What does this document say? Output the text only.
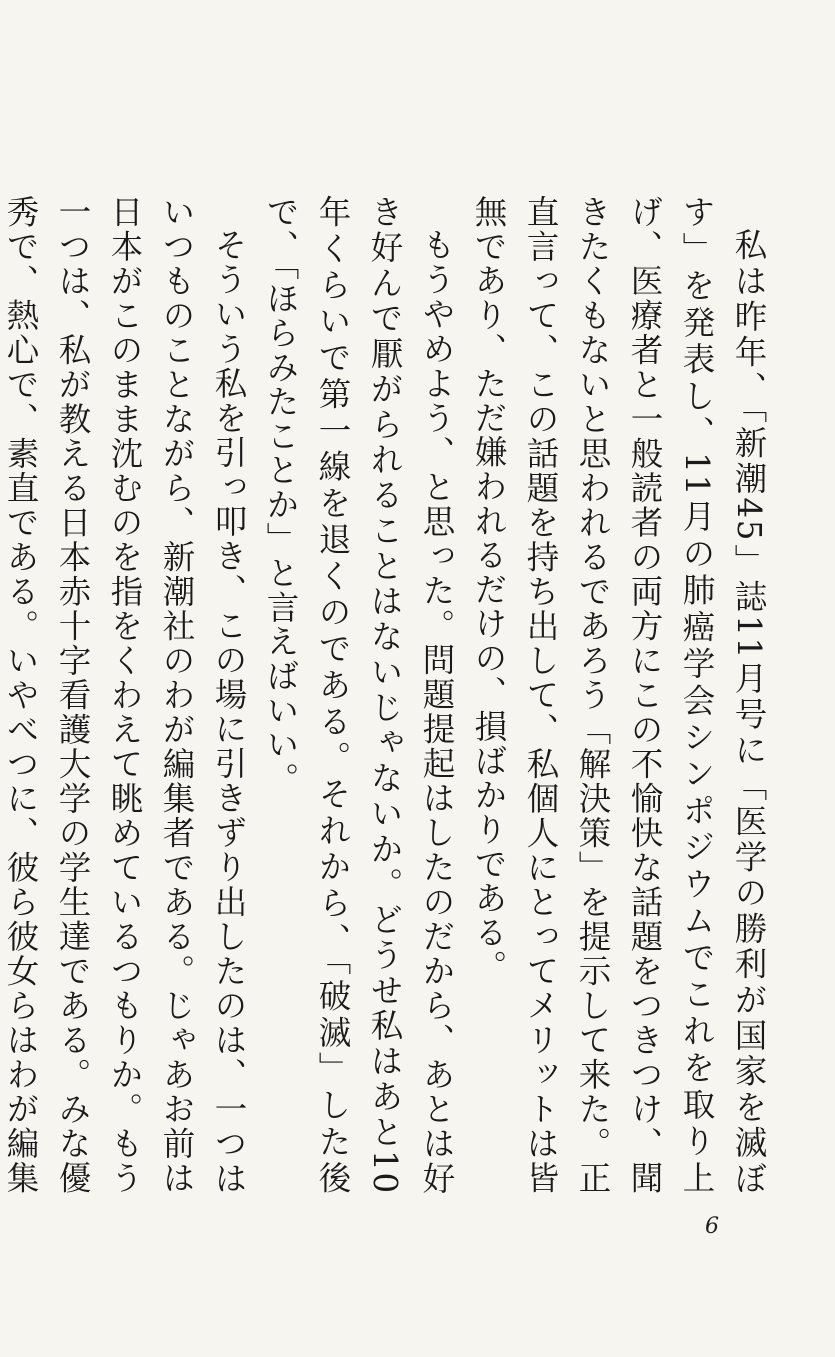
私は昨年、「新潮45」誌11月号に「医学の勝利が国家を滅ぼす」を発表し、11月の肺癌学会シンポジウムでこれを取り上げ、医療者と一般読者の両方にこの不愉快な話題をつきつけ、聞きたくもないと思われるであろう「解決策」を提示して来た。正直言って、この話題を持ち出して、私個人にとってメリットは皆無であり、ただ嫌われるだけの、損ばかりである。

もうやめよう、と思った。問題提起はしたのだから、あとは好き好んで厭がられることはないじゃないか。どうせ私はあと10年くらいで第一線を退くのである。それから、「破滅」した後で、「ほらみたことか」と言えばいい。

そういう私を引っ叩き、この場に引きずり出したのは、一つはいつものことながら、新潮社のわが編集者である。じゃあお前は日本がこのまま沈むのを指をくわえて眺めているつもりか。もう一つは、私が教える日本赤十字看護大学の学生達である。みな優秀で、熱心で、素直である。いやべつに、彼ら彼女らはわが編集

6
